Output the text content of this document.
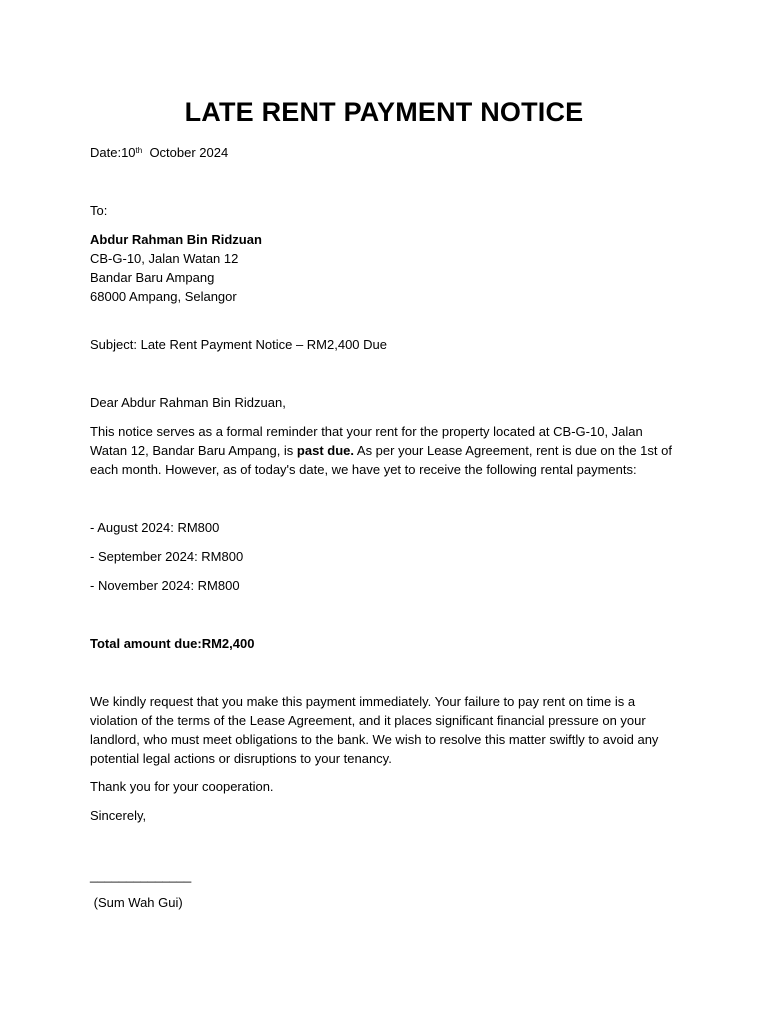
LATE RENT PAYMENT NOTICE
Date:10th  October 2024
To:
Abdur Rahman Bin Ridzuan
CB-G-10, Jalan Watan 12
Bandar Baru Ampang
68000 Ampang, Selangor
Subject: Late Rent Payment Notice – RM2,400 Due
Dear Abdur Rahman Bin Ridzuan,
This notice serves as a formal reminder that your rent for the property located at CB-G-10, Jalan Watan 12, Bandar Baru Ampang, is past due. As per your Lease Agreement, rent is due on the 1st of each month. However, as of today's date, we have yet to receive the following rental payments:
- August 2024: RM800
- September 2024: RM800
- November 2024: RM800
Total amount due:RM2,400
We kindly request that you make this payment immediately. Your failure to pay rent on time is a violation of the terms of the Lease Agreement, and it places significant financial pressure on your landlord, who must meet obligations to the bank. We wish to resolve this matter swiftly to avoid any potential legal actions or disruptions to your tenancy.
Thank you for your cooperation.
Sincerely,
______________
(Sum Wah Gui)
